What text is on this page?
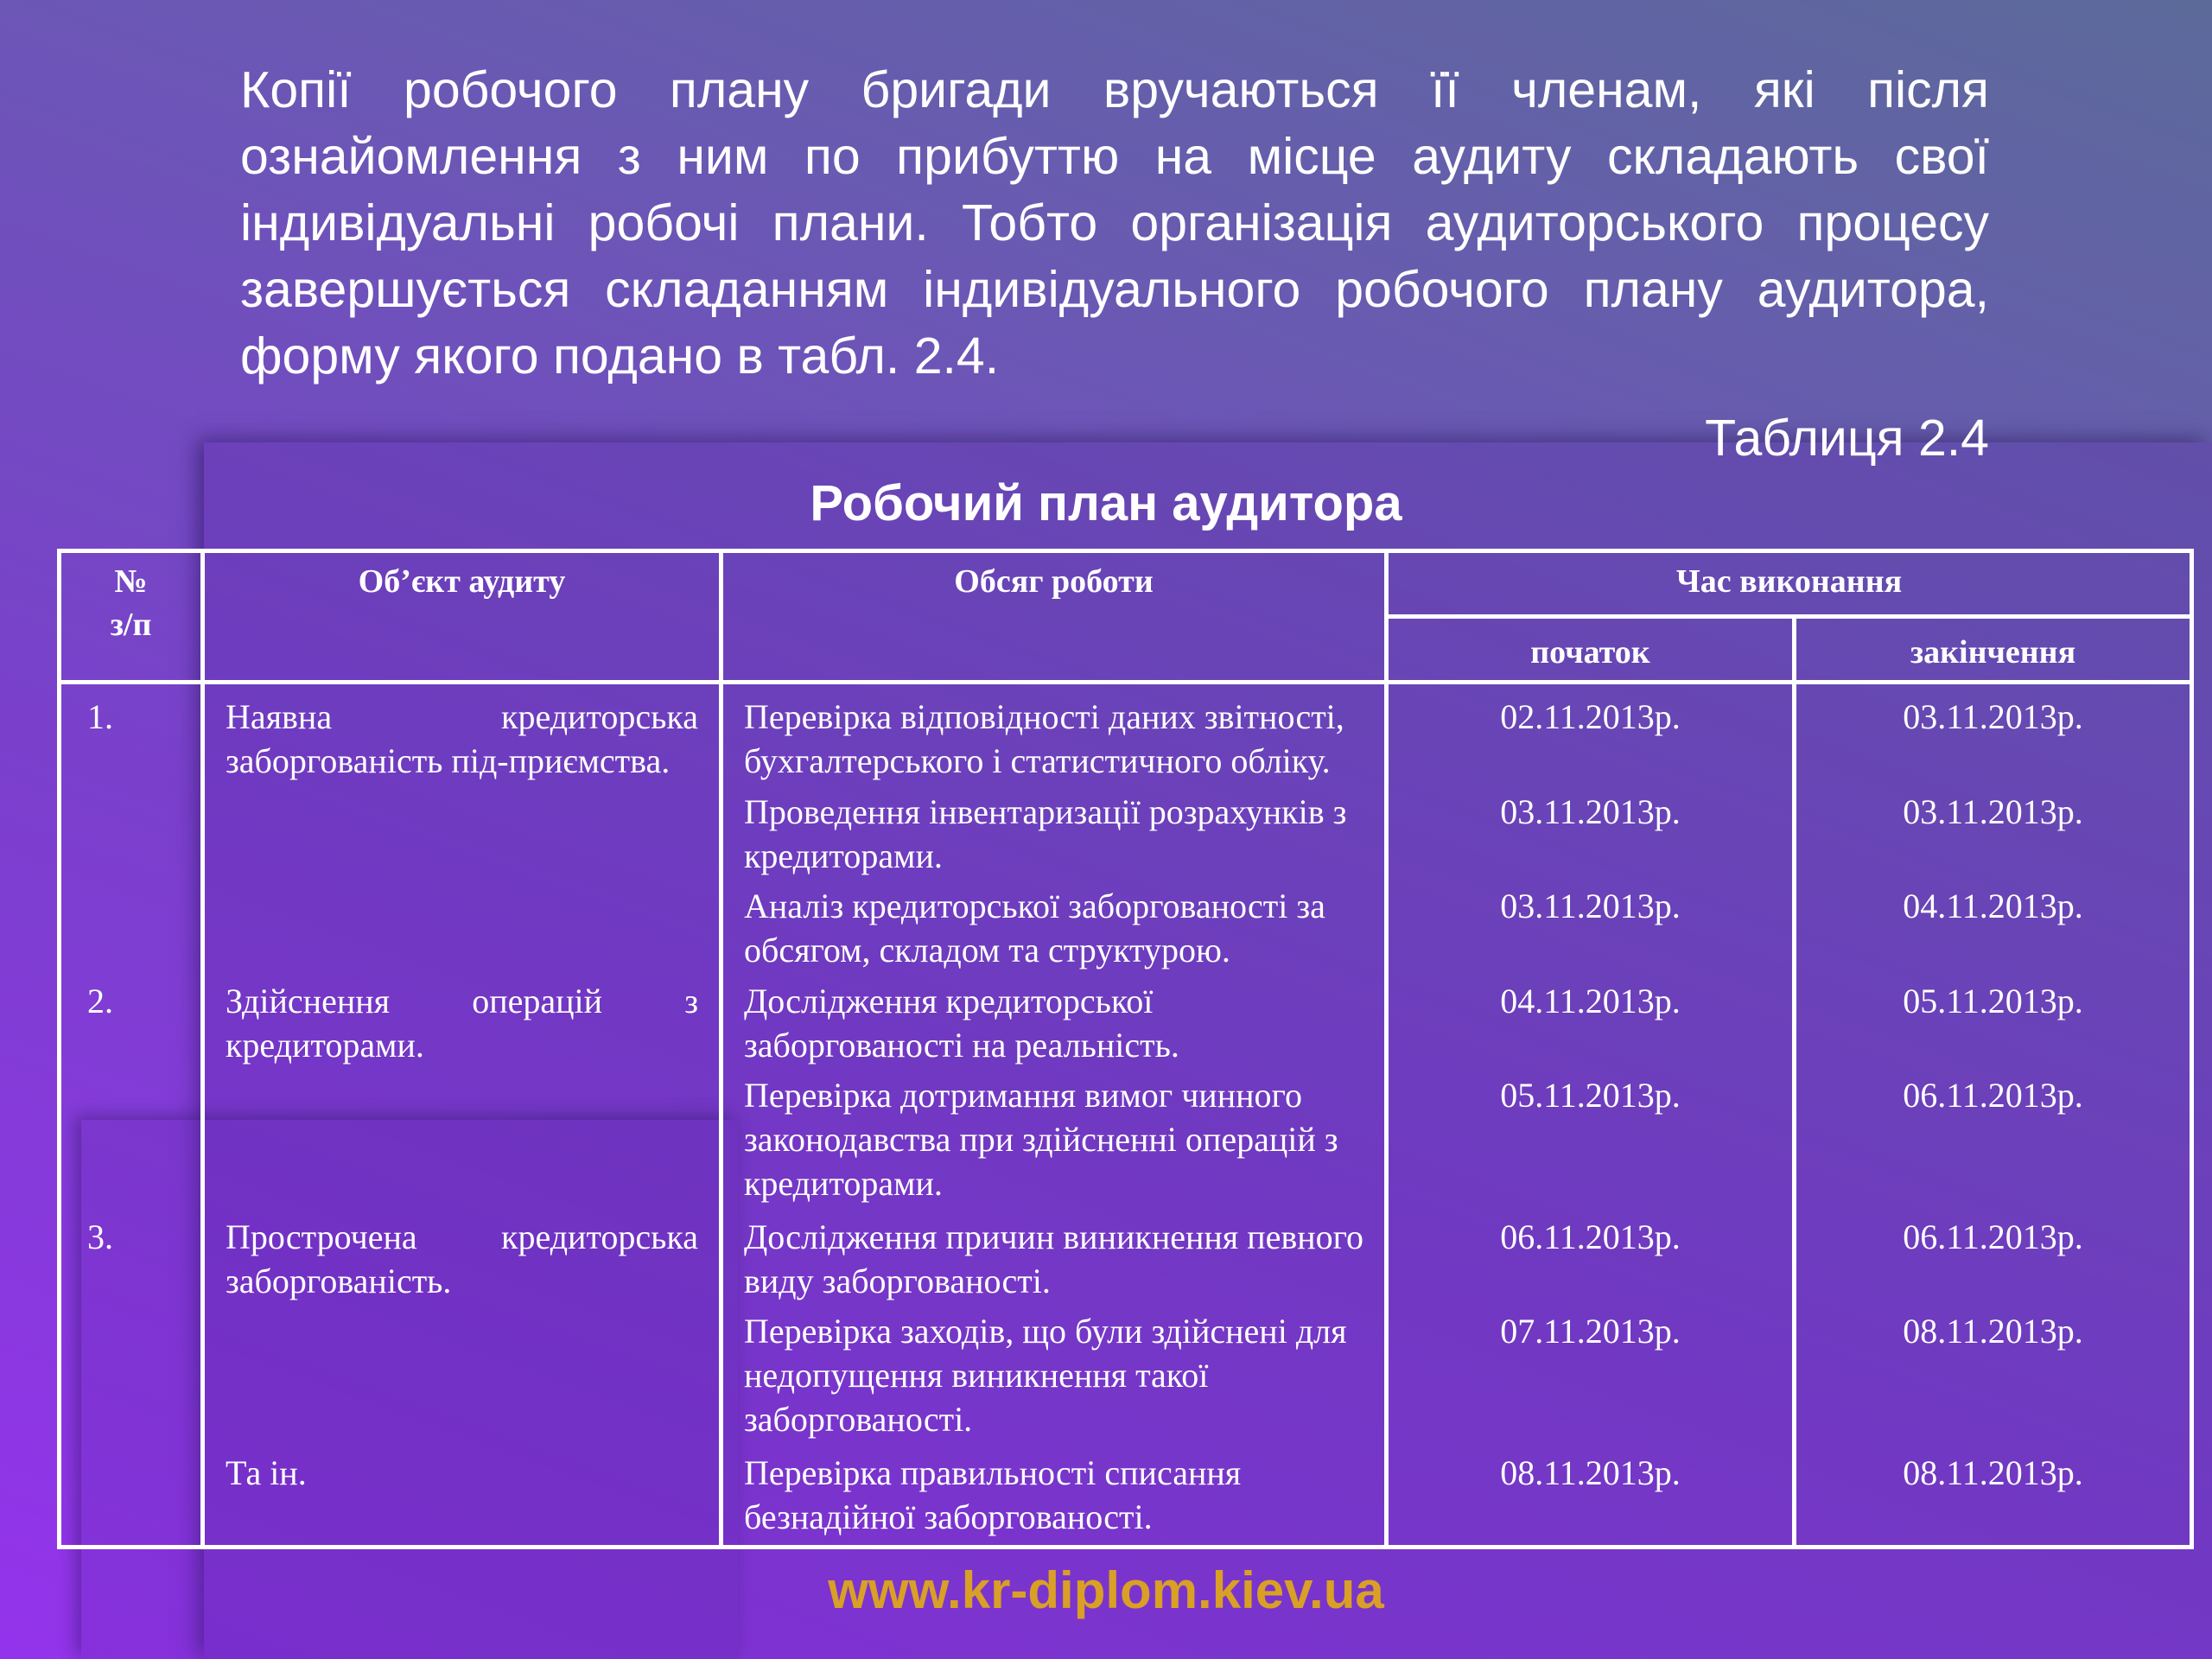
Копії робочого плану бригади вручаються її членам, які після ознайомлення з ним по прибуттю на місце аудиту складають свої індивідуальні робочі плани. Тобто організація аудиторського процесу завершується складанням індивідуального робочого плану аудитора, форму якого подано в табл. 2.4.

Таблиця 2.4
Робочий план аудитора
№
з/п	Об’єкт аудиту	Обсяг роботи	Час виконання	
			початок	закінчення
1.	Наявна кредиторська заборгованість під-приємства.	Перевірка відповідності даних звітності, бухгалтерського і статистичного обліку.	02.11.2013р.	03.11.2013р.
		Проведення інвентаризації розрахунків з кредиторами.	03.11.2013р.	03.11.2013р.
		Аналіз кредиторської заборгованості за обсягом, складом та структурою.	03.11.2013р.	04.11.2013р.
2.	Здійснення операцій з кредиторами.	Дослідження кредиторської заборгованості на реальність.	04.11.2013р.	05.11.2013р.
		Перевірка дотримання вимог чинного законодавства при здійсненні операцій з кредиторами.	05.11.2013р.	06.11.2013р.
3.	Прострочена кредиторська заборгованість.	Дослідження причин виникнення певного виду заборгованості.	06.11.2013р.	06.11.2013р.
		Перевірка заходів, що були здійснені для недопущення виникнення такої заборгованості.	07.11.2013р.	08.11.2013р.
	Та ін.	Перевірка правильності списання безнадійної заборгованості.	08.11.2013р.	08.11.2013р.
www.kr-diplom.kiev.ua
